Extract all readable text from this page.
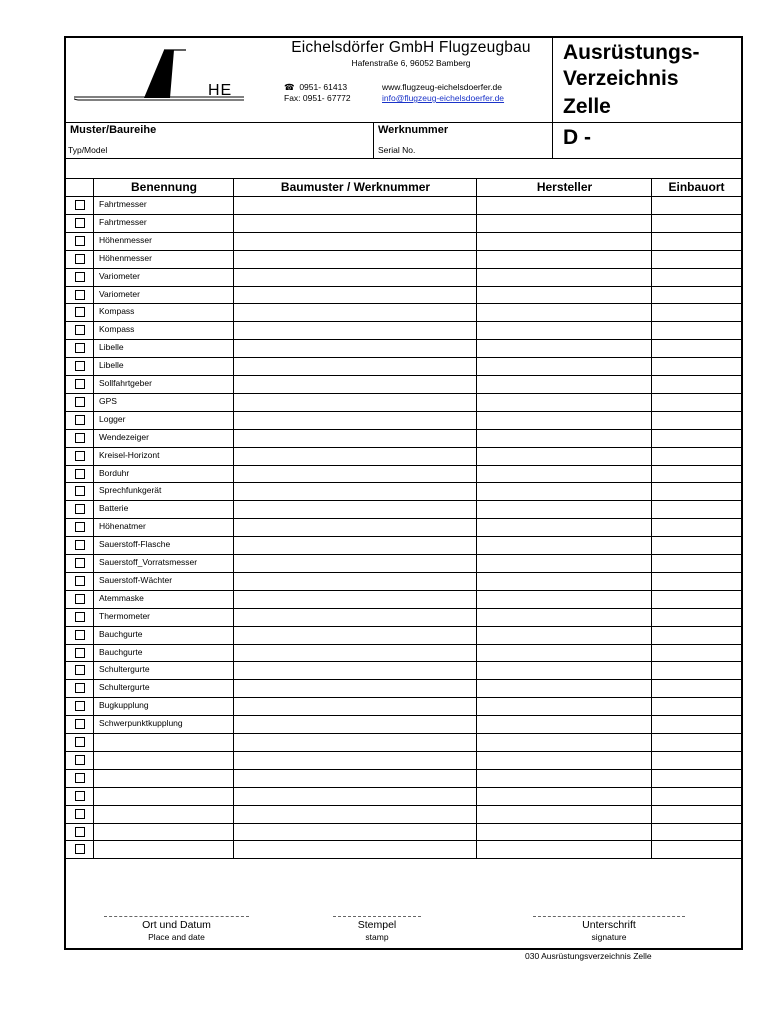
HE
Eichelsdörfer GmbH Flugzeugbau
Hafenstraße 6, 96052 Bamberg
☎ 0951- 61413
Fax: 0951- 67772
www.flugzeug-eichelsdoerfer.de
info@flugzeug-eichelsdoerfer.de
Ausrüstungs-
Verzeichnis
Zelle
Muster/Baureihe
Typ/Model
Werknummer
Serial No.
D -
Benennung	Baumuster / Werknummer	Hersteller	Einbauort
Fahrtmesser
Fahrtmesser
Höhenmesser
Höhenmesser
Variometer
Variometer
Kompass
Kompass
Libelle
Libelle
Sollfahrtgeber
GPS
Logger
Wendezeiger
Kreisel-Horizont
Borduhr
Sprechfunkgerät
Batterie
Höhenatmer
Sauerstoff-Flasche
Sauerstoff_Vorratsmesser
Sauerstoff-Wächter
Atemmaske
Thermometer
Bauchgurte
Bauchgurte
Schultergurte
Schultergurte
Bugkupplung
Schwerpunktkupplung
Ort und Datum
Place and date
Stempel
stamp
Unterschrift
signature
030 Ausrüstungsverzeichnis Zelle
